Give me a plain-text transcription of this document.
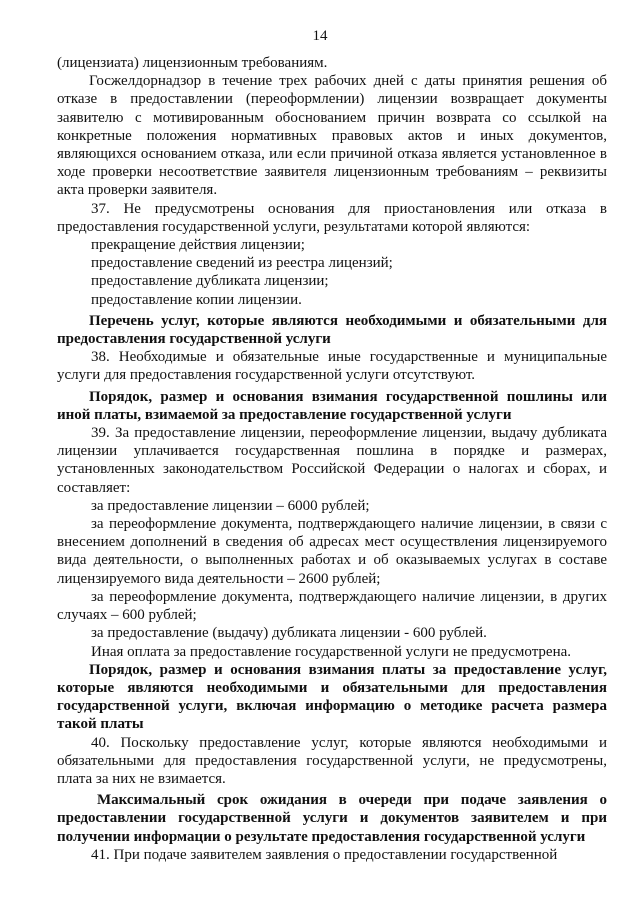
14

(лицензиата) лицензионным требованиям.

Госжелдорнадзор в течение трех рабочих дней с даты принятия решения об отказе в предоставлении (переоформлении) лицензии возвращает документы заявителю с мотивированным обоснованием причин возврата со ссылкой на конкретные положения нормативных правовых актов и иных документов, являющихся основанием отказа, или если причиной отказа является установленное в ходе проверки несоответствие заявителя лицензионным требованиям – реквизиты акта проверки заявителя.

37. Не предусмотрены основания для приостановления или отказа в предоставления государственной услуги, результатами которой являются:

прекращение действия лицензии;

предоставление сведений из реестра лицензий;

предоставление дубликата лицензии;

предоставление копии лицензии.

Перечень услуг, которые являются необходимыми и обязательными для предоставления государственной услуги

38. Необходимые и обязательные иные государственные и муниципальные услуги для предоставления государственной услуги отсутствуют.

Порядок, размер и основания взимания государственной пошлины или иной платы, взимаемой за предоставление государственной услуги

39. За предоставление лицензии, переоформление лицензии, выдачу дубликата лицензии уплачивается государственная пошлина в порядке и размерах, установленных законодательством Российской Федерации о налогах и сборах, и составляет:

за предоставление лицензии – 6000 рублей;

за переоформление документа, подтверждающего наличие лицензии, в связи с внесением дополнений в сведения об адресах мест осуществления лицензируемого вида деятельности, о выполненных работах и об оказываемых услугах в составе лицензируемого вида деятельности – 2600 рублей;

за переоформление документа, подтверждающего наличие лицензии, в других случаях – 600 рублей;

за предоставление (выдачу) дубликата лицензии - 600 рублей.

Иная оплата за предоставление государственной услуги не предусмотрена.

Порядок, размер и основания взимания платы за предоставление услуг, которые являются необходимыми и обязательными для предоставления государственной услуги, включая информацию о методике расчета размера такой платы

40. Поскольку предоставление услуг, которые являются необходимыми и обязательными для предоставления государственной услуги, не предусмотрены, плата за них не взимается.

Максимальный срок ожидания в очереди при подаче заявления о предоставлении государственной услуги и документов заявителем и при получении информации о результате предоставления государственной услуги

41. При подаче заявителем заявления о предоставлении государственной
